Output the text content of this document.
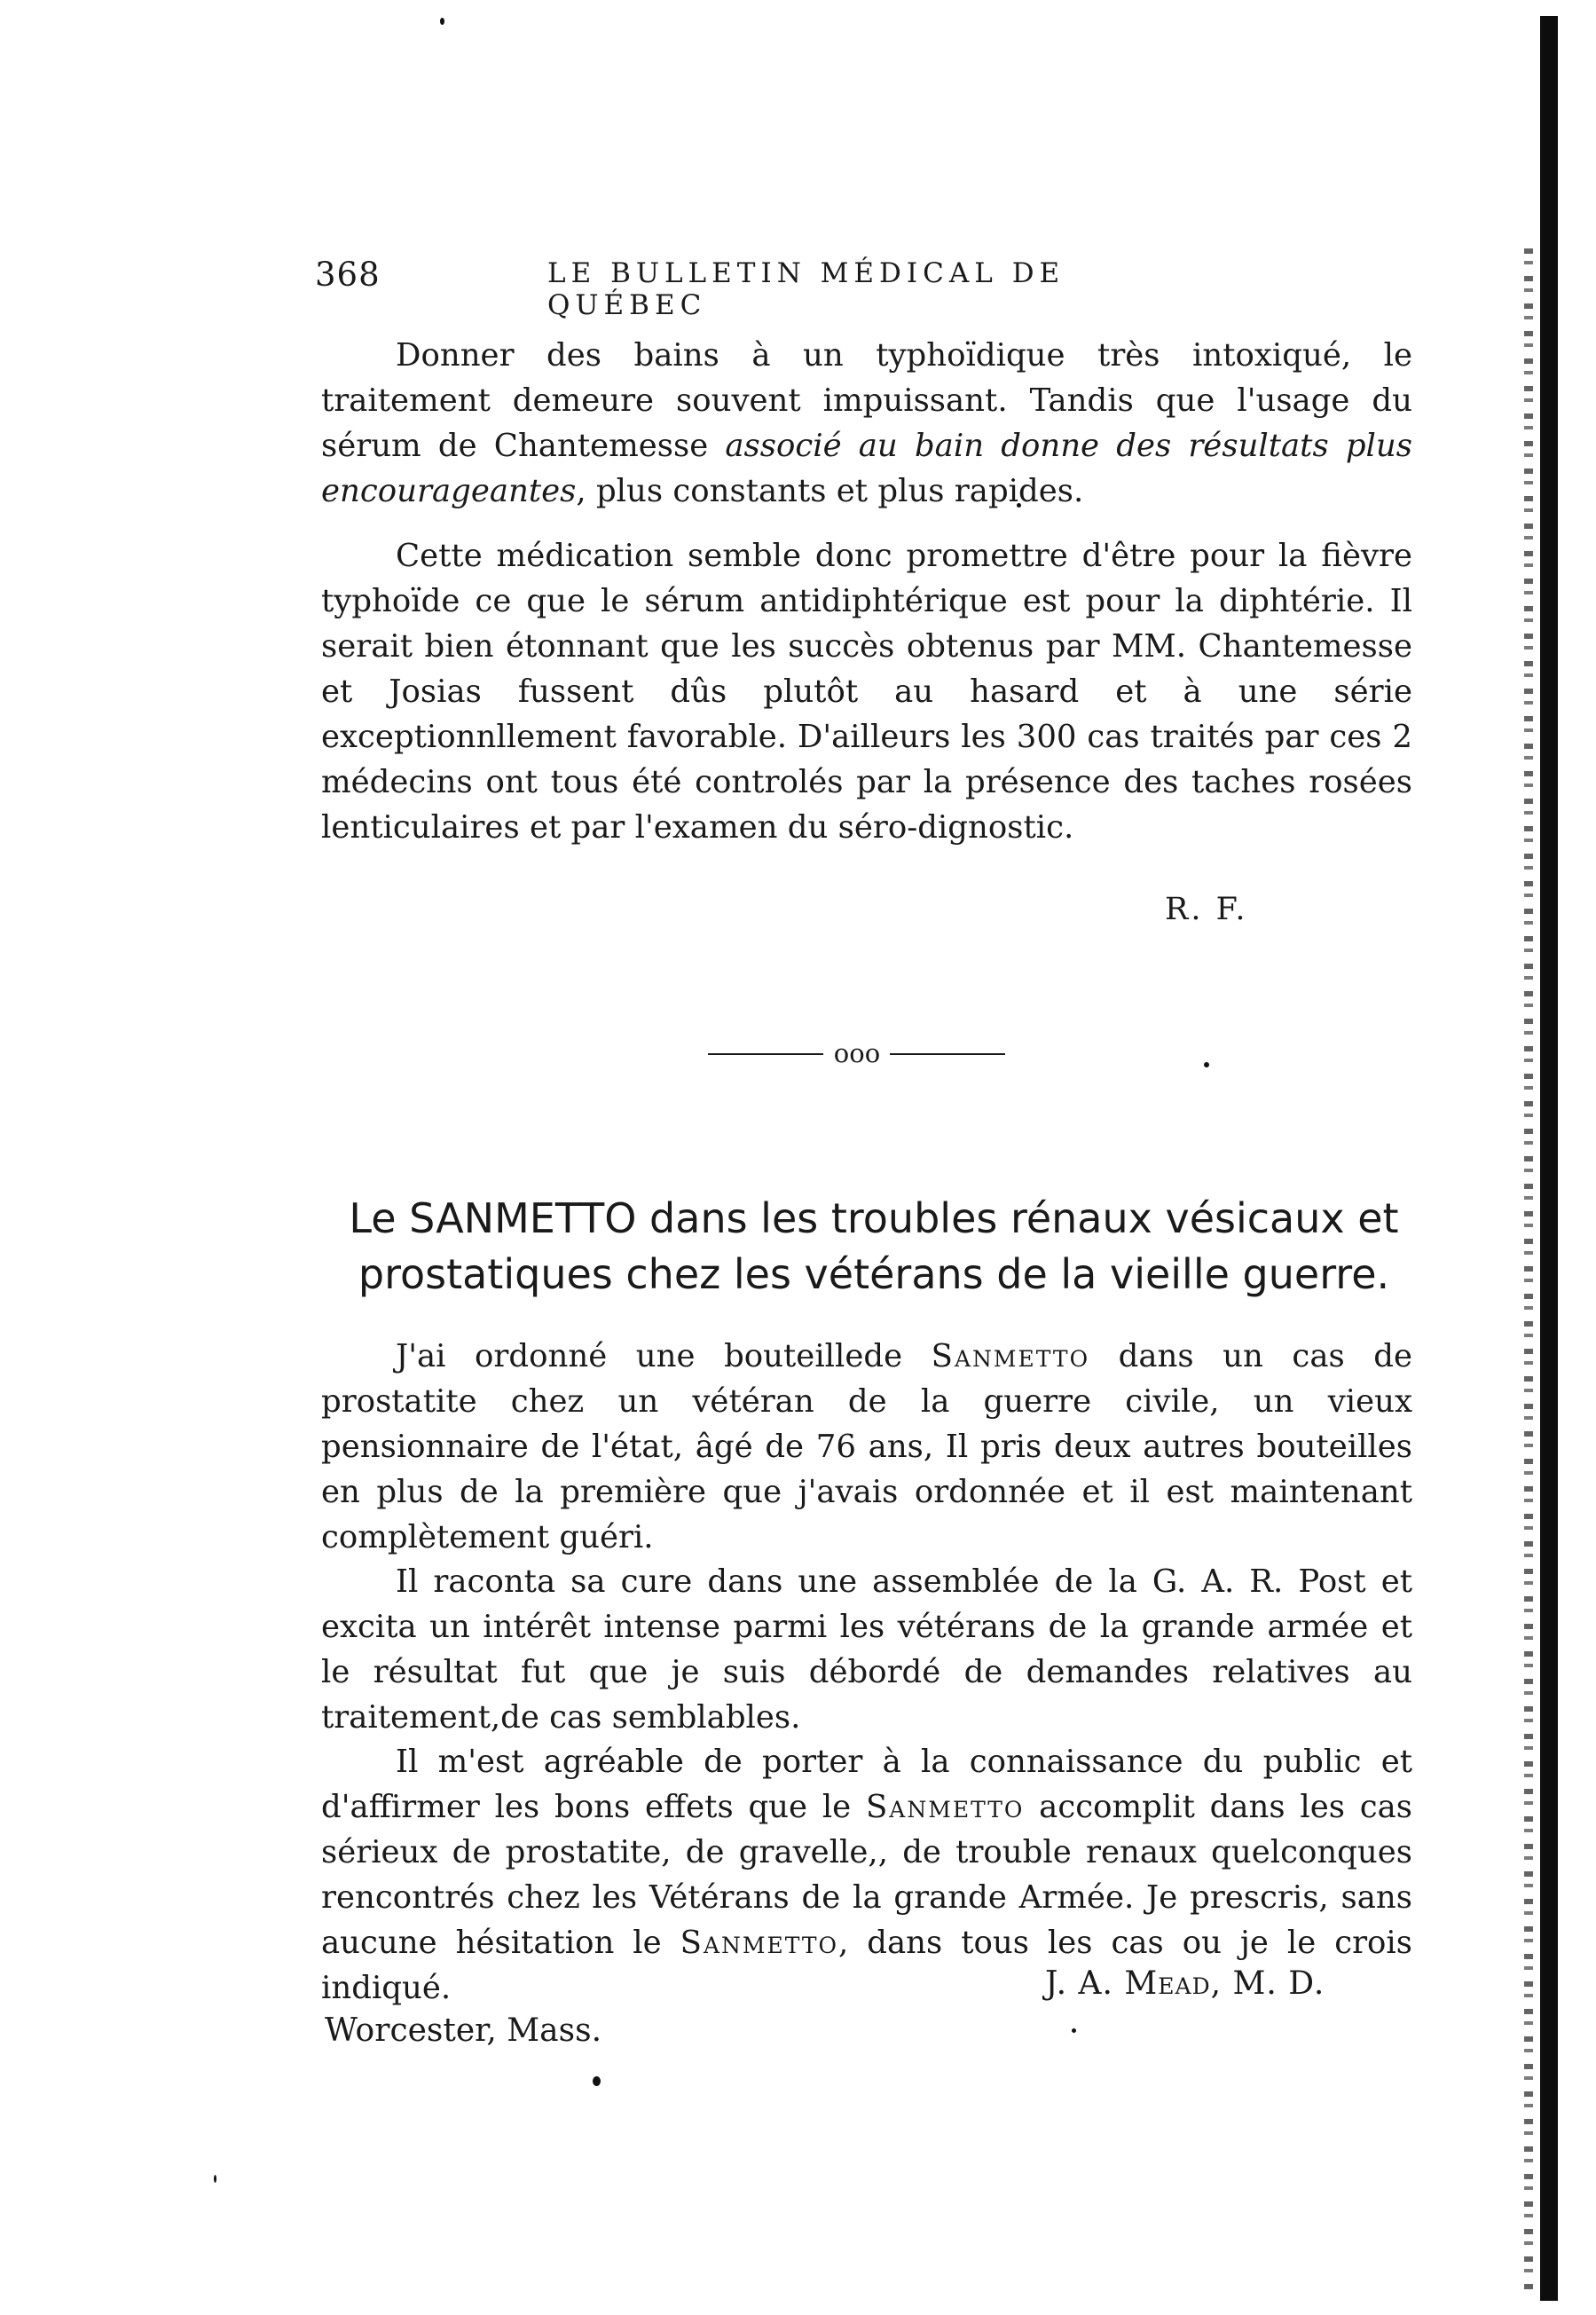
368	LE BULLETIN MÉDICAL DE QUÉBEC

Donner des bains à un typhoïdique très intoxiqué, le traitement demeure souvent impuissant. Tandis que l'usage du sérum de Chantemesse associé au bain donne des résultats plus encourageantes, plus constants et plus rapides.

Cette médication semble donc promettre d'être pour la fièvre typhoïde ce que le sérum antidiphtérique est pour la diphtérie. Il serait bien étonnant que les succès obtenus par MM. Chantemesse et Josias fussent dûs plutôt au hasard et à une série exceptionnllement favorable. D'ailleurs les 300 cas traités par ces 2 médecins ont tous été controlés par la présence des taches rosées lenticulaires et par l'examen du séro-dignostic.

R. F.
ooo
Le SANMETTO dans les troubles rénaux vésicaux et prostatiques chez les vétérans de la vieille guerre.

J'ai ordonné une bouteillede Sanmetto dans un cas de prostatite chez un vétéran de la guerre civile, un vieux pensionnaire de l'état, âgé de 76 ans, Il pris deux autres bouteilles en plus de la première que j'avais ordonnée et il est maintenant complètement guéri.

Il raconta sa cure dans une assemblée de la G. A. R. Post et excita un intérêt intense parmi les vétérans de la grande armée et le résultat fut que je suis débordé de demandes relatives au traitement,de cas semblables.

Il m'est agréable de porter à la connaissance du public et d'affirmer les bons effets que le Sanmetto accomplit dans les cas sérieux de prostatite, de gravelle,, de trouble renaux quelconques rencontrés chez les Vétérans de la grande Armée. Je prescris, sans aucune hésitation le Sanmetto, dans tous les cas ou je le crois indiqué.	J. A. Mead, M. D.
Worcester, Mass.
